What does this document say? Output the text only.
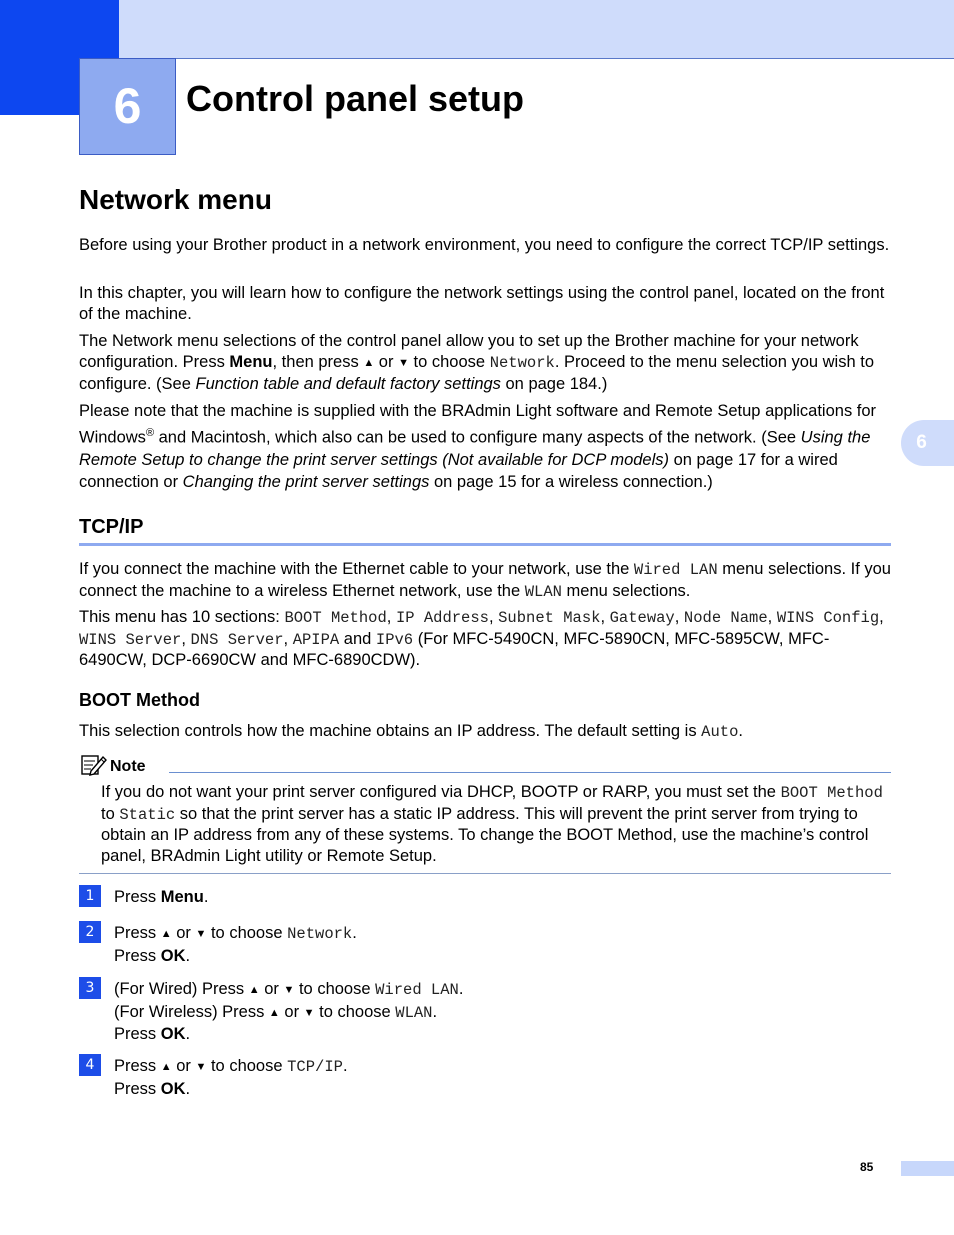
6	Control panel setup
Network menu

Before using your Brother product in a network environment, you need to configure the correct TCP/IP settings.

In this chapter, you will learn how to configure the network settings using the control panel, located on the front of the machine.

The Network menu selections of the control panel allow you to set up the Brother machine for your network configuration. Press Menu, then press ▲ or ▼ to choose Network. Proceed to the menu selection you wish to configure. (See Function table and default factory settings on page 184.)

Please note that the machine is supplied with the BRAdmin Light software and Remote Setup applications for Windows® and Macintosh, which also can be used to configure many aspects of the network. (See Using the Remote Setup to change the print server settings (Not available for DCP models) on page 17 for a wired connection or Changing the print server settings on page 15 for a wireless connection.)

TCP/IP

If you connect the machine with the Ethernet cable to your network, use the Wired LAN menu selections. If you connect the machine to a wireless Ethernet network, use the WLAN menu selections.

This menu has 10 sections: BOOT Method, IP Address, Subnet Mask, Gateway, Node Name, WINS Config, WINS Server, DNS Server, APIPA and IPv6 (For MFC-5490CN, MFC-5890CN, MFC-5895CW, MFC-6490CW, DCP-6690CW and MFC-6890CDW).

BOOT Method

This selection controls how the machine obtains an IP address. The default setting is Auto.

Note

If you do not want your print server configured via DHCP, BOOTP or RARP, you must set the BOOT Method to Static so that the print server has a static IP address. This will prevent the print server from trying to obtain an IP address from any of these systems. To change the BOOT Method, use the machine’s control panel, BRAdmin Light utility or Remote Setup.

1	Press Menu.

2	Press ▲ or ▼ to choose Network.

Press OK.

3	(For Wired) Press ▲ or ▼ to choose Wired LAN.

(For Wireless) Press ▲ or ▼ to choose WLAN.

Press OK.

4	Press ▲ or ▼ to choose TCP/IP.

Press OK.

6
85
